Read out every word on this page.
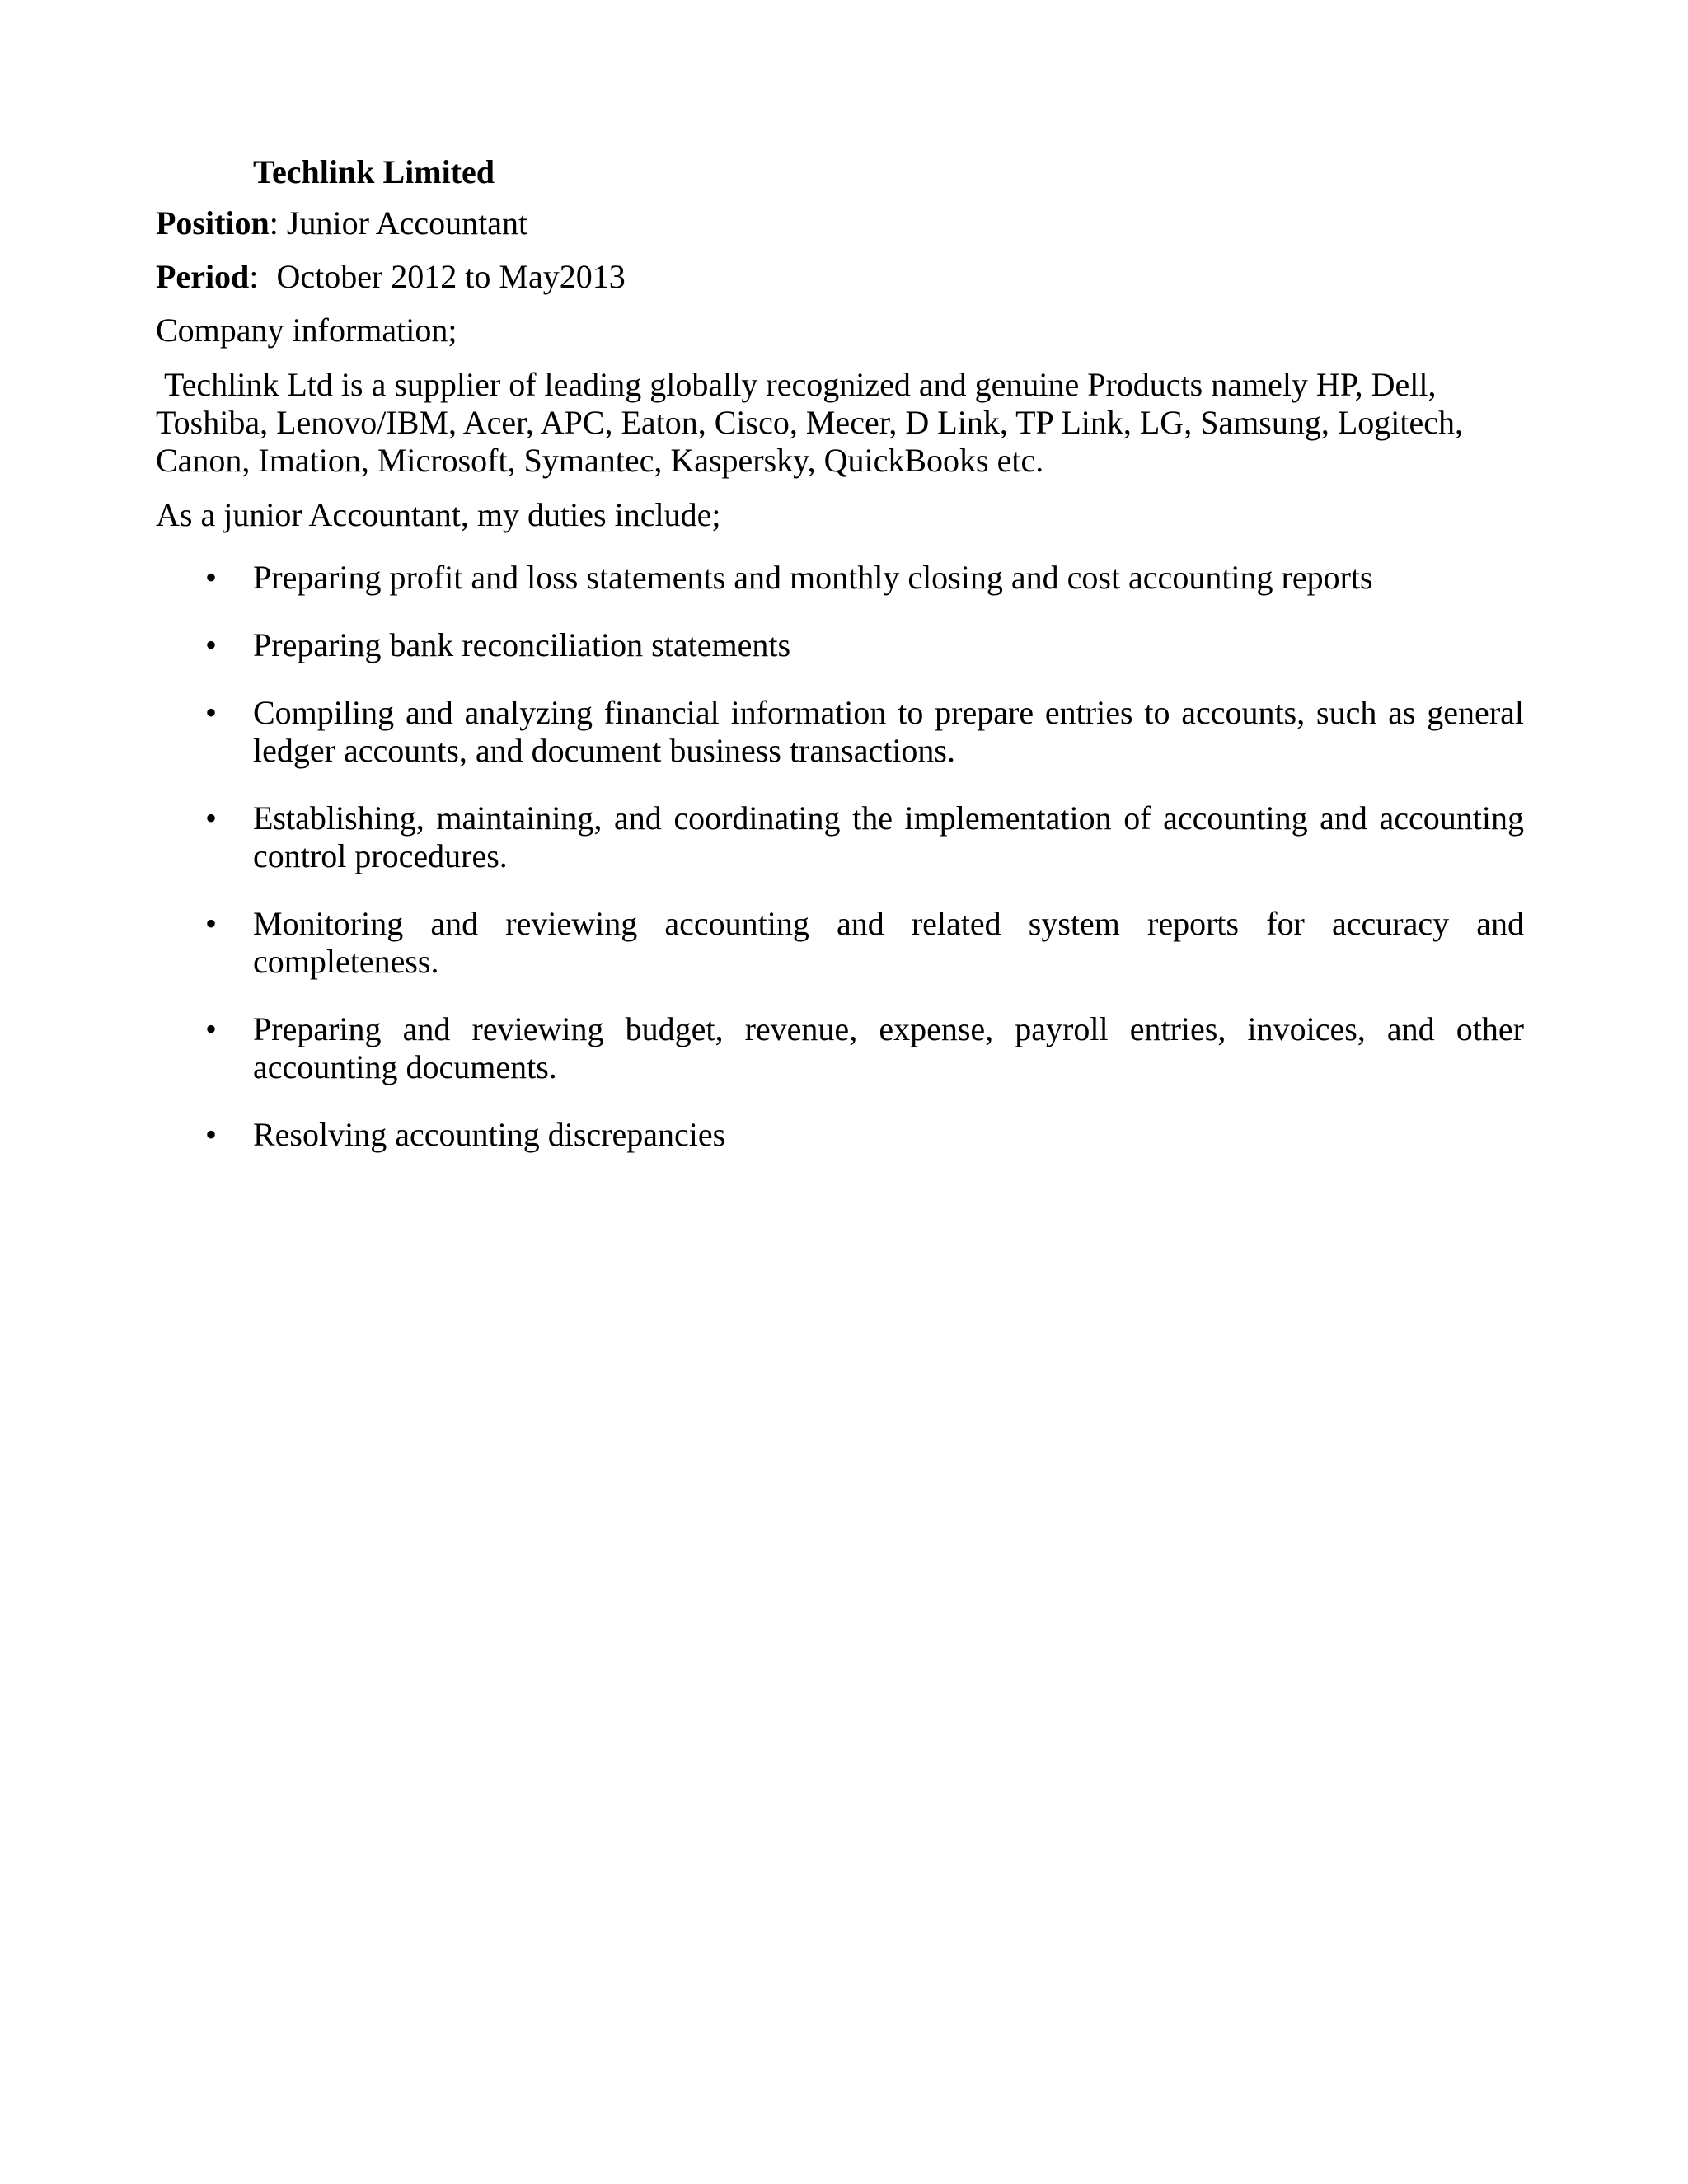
Techlink Limited
Position: Junior Accountant
Period: October 2012 to May2013
Company information;
Techlink Ltd is a supplier of leading globally recognized and genuine Products namely HP, Dell, Toshiba, Lenovo/IBM, Acer, APC, Eaton, Cisco, Mecer, D Link, TP Link, LG, Samsung, Logitech, Canon, Imation, Microsoft, Symantec, Kaspersky, QuickBooks etc.
As a junior Accountant, my duties include;
• Preparing profit and loss statements and monthly closing and cost accounting reports
• Preparing bank reconciliation statements
• Compiling and analyzing financial information to prepare entries to accounts, such as general ledger accounts, and document business transactions.
• Establishing, maintaining, and coordinating the implementation of accounting and accounting control procedures.
• Monitoring and reviewing accounting and related system reports for accuracy and completeness.
• Preparing and reviewing budget, revenue, expense, payroll entries, invoices, and other accounting documents.
• Resolving accounting discrepancies
